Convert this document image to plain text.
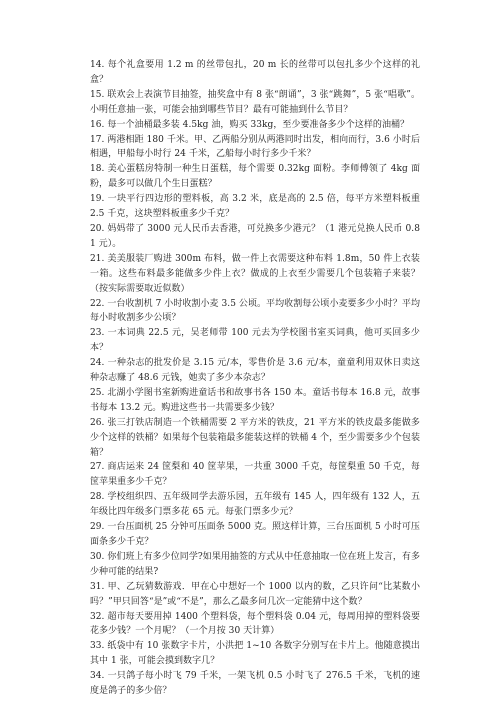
14. 每个礼盒要用 1.2 m 的丝带包扎，20 m 长的丝带可以包扎多少个这样的礼盒？

15. 联欢会上表演节目抽签，抽奖盒中有 8 张“朗诵”，3 张“跳舞”，5 张“唱歌”。小明任意抽一张，可能会抽到哪些节目？最有可能抽到什么节目？

16. 每一个油桶最多装 4.5kg 油，购买 33kg，至少要准备多少个这样的油桶？

17. 两港相距 180 千米。甲、乙两船分别从两港同时出发，相向而行，3.6 小时后相遇，甲船每小时行 24 千米，乙船每小时行多少千米？

18. 美心蛋糕房特制一种生日蛋糕，每个需要 0.32kg 面粉。李师傅领了 4kg 面粉，最多可以做几个生日蛋糕？

19. 一块平行四边形的塑料板，高 3.2 米，底是高的 2.5 倍，每平方米塑料板重 2.5 千克，这块塑料板重多少千克？

20. 妈妈带了 3000 元人民币去香港，可兑换多少港元？（1 港元兑换人民币 0.81 元）。

21. 美美服装厂购进 300m 布料，做一件上衣需要这种布料 1.8m，50 件上衣装一箱。这些布料最多能做多少件上衣？做成的上衣至少需要几个包装箱子来装？（按实际需要取近似数）

22. 一台收割机 7 小时收割小麦 3.5 公顷。平均收割每公顷小麦要多少小时？平均每小时收割多少公顷？

23. 一本词典 22.5 元，吴老师带 100 元去为学校图书室买词典，他可买回多少本？

24. 一种杂志的批发价是 3.15 元/本，零售价是 3.6 元/本，童童利用双休日卖这种杂志赚了 48.6 元钱，她卖了多少本杂志？

25. 北湖小学图书室新购进童话书和故事书各 150 本。童话书每本 16.8 元，故事书每本 13.2 元。购进这些书一共需要多少钱？

26. 张三打铁店制造一个铁桶需要 2 平方米的铁皮，21 平方米的铁皮最多能做多少个这样的铁桶？如果每个包装箱最多能装这样的铁桶 4 个，至少需要多少个包装箱？

27. 商店运来 24 筐梨和 40 筐苹果，一共重 3000 千克，每筐梨重 50 千克，每筐苹果重多少千克？

28. 学校组织四、五年级同学去游乐园，五年级有 145 人，四年级有 132 人，五年级比四年级多门票多花 65 元。每张门票多少元？

29. 一台压面机 25 分钟可压面条 5000 克。照这样计算，三台压面机 5 小时可压面条多少千克？

30. 你们班上有多少位同学?如果用抽签的方式从中任意抽取一位在班上发言，有多少种可能的结果?

31. 甲、乙玩猜数游戏．甲在心中想好一个 1000 以内的数，乙只许问“比某数小吗？”甲只回答“是”或“不是”，那么乙最多问几次一定能猜中这个数？

32. 超市每天要用掉 1400 个塑料袋，每个塑料袋 0.04 元，每周用掉的塑料袋要花多少钱？一个月呢？（一个月按 30 天计算）

33. 纸袋中有 10 张数字卡片，小洪把 1~10 各数字分别写在卡片上。他随意摸出其中 1 张，可能会摸到数字几？

34. 一只鸽子每小时飞 79 千米，一架飞机 0.5 小时飞了 276.5 千米，飞机的速度是鸽子的多少倍？
